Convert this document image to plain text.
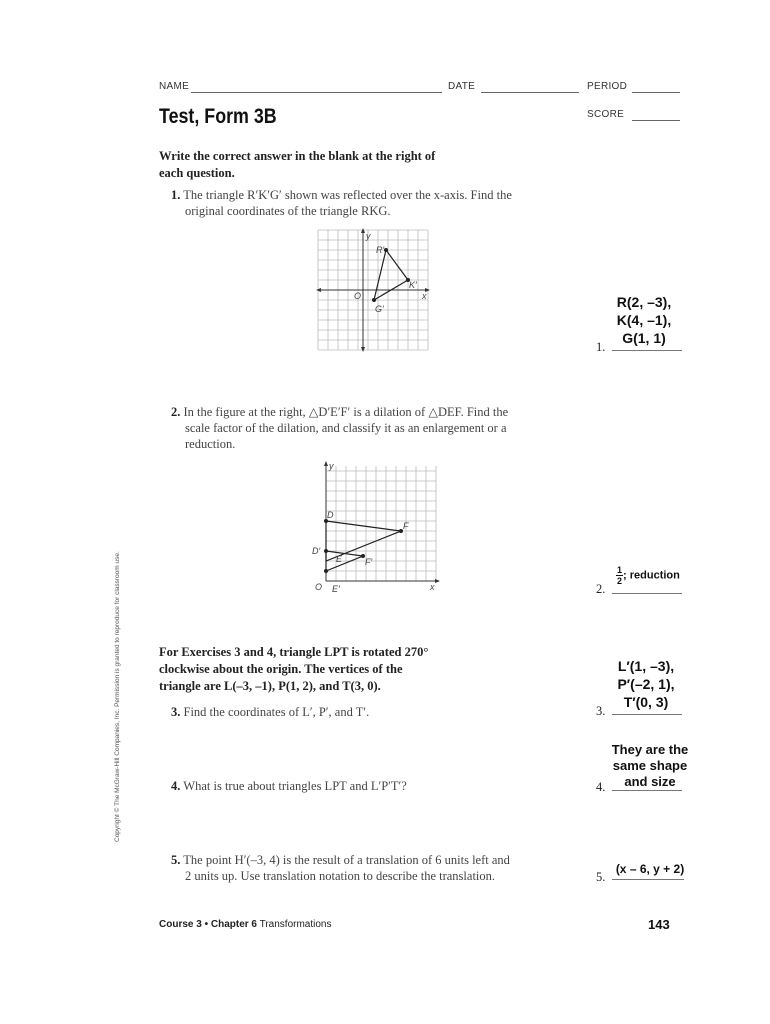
NAME	DATE	PERIOD
Test, Form 3B	SCORE
Write the correct answer in the blank at the right of
each question.
1. The triangle R′K′G′ shown was reflected over the x-axis. Find the
original coordinates of the triangle RKG.
y
x
O
R′
K′
G′	R(2, –3),
K(4, –1),
G(1, 1)
1.
2. In the figure at the right, △D′E′F′ is a dilation of △DEF. Find the
scale factor of the dilation, and classify it as an enlargement or a
reduction.
y
x
O
D
F
D′
E	F′
E′
$\frac{1}{2}$ ; reduction
2.
For Exercises 3 and 4, triangle LPT is rotated 270°
clockwise about the origin. The vertices of the
triangle are L(–3, –1), P(1, 2), and T(3, 0).
3. Find the coordinates of L′, P′, and T′.
L′(1, –3),
P′(–2, 1),
T′(0, 3)
3.
4. What is true about triangles LPT and L′P′T′?
They are the
same shape
and size
4.
5. The point H′(–3, 4) is the result of a translation of 6 units left and
2 units up. Use translation notation to describe the translation.	(x – 6, y + 2)
5.
Course 3 • Chapter 6 Transformations	143
Copyright © The McGraw-Hill Companies, Inc. Permission is granted to reproduce for classroom use.
